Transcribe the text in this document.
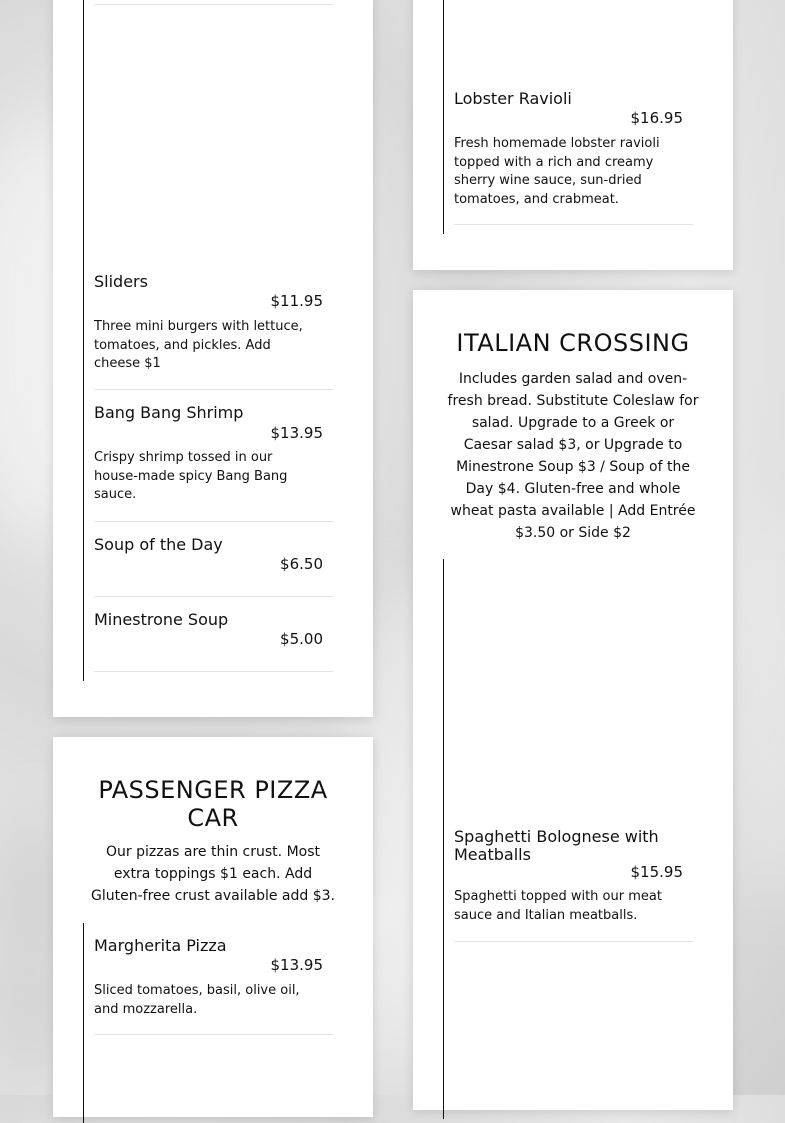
Sliders
$11.95
Three mini burgers with lettuce, tomatoes, and pickles. Add cheese $1
Bang Bang Shrimp
$13.95
Crispy shrimp tossed in our house-made spicy Bang Bang sauce.
Soup of the Day
$6.50
Minestrone Soup
$5.00
Lobster Ravioli
$16.95
Fresh homemade lobster ravioli topped with a rich and creamy sherry wine sauce, sun-dried tomatoes, and crabmeat.
ITALIAN CROSSING
Includes garden salad and oven-fresh bread. Substitute Coleslaw for salad. Upgrade to a Greek or Caesar salad $3, or Upgrade to Minestrone Soup $3 / Soup of the Day $4. Gluten-free and whole wheat pasta available | Add Entrée $3.50 or Side $2
Spaghetti Bolognese with Meatballs
$15.95
Spaghetti topped with our meat sauce and Italian meatballs.
PASSENGER PIZZA CAR
Our pizzas are thin crust. Most extra toppings $1 each. Add Gluten-free crust available add $3.
Margherita Pizza
$13.95
Sliced tomatoes, basil, olive oil, and mozzarella.
